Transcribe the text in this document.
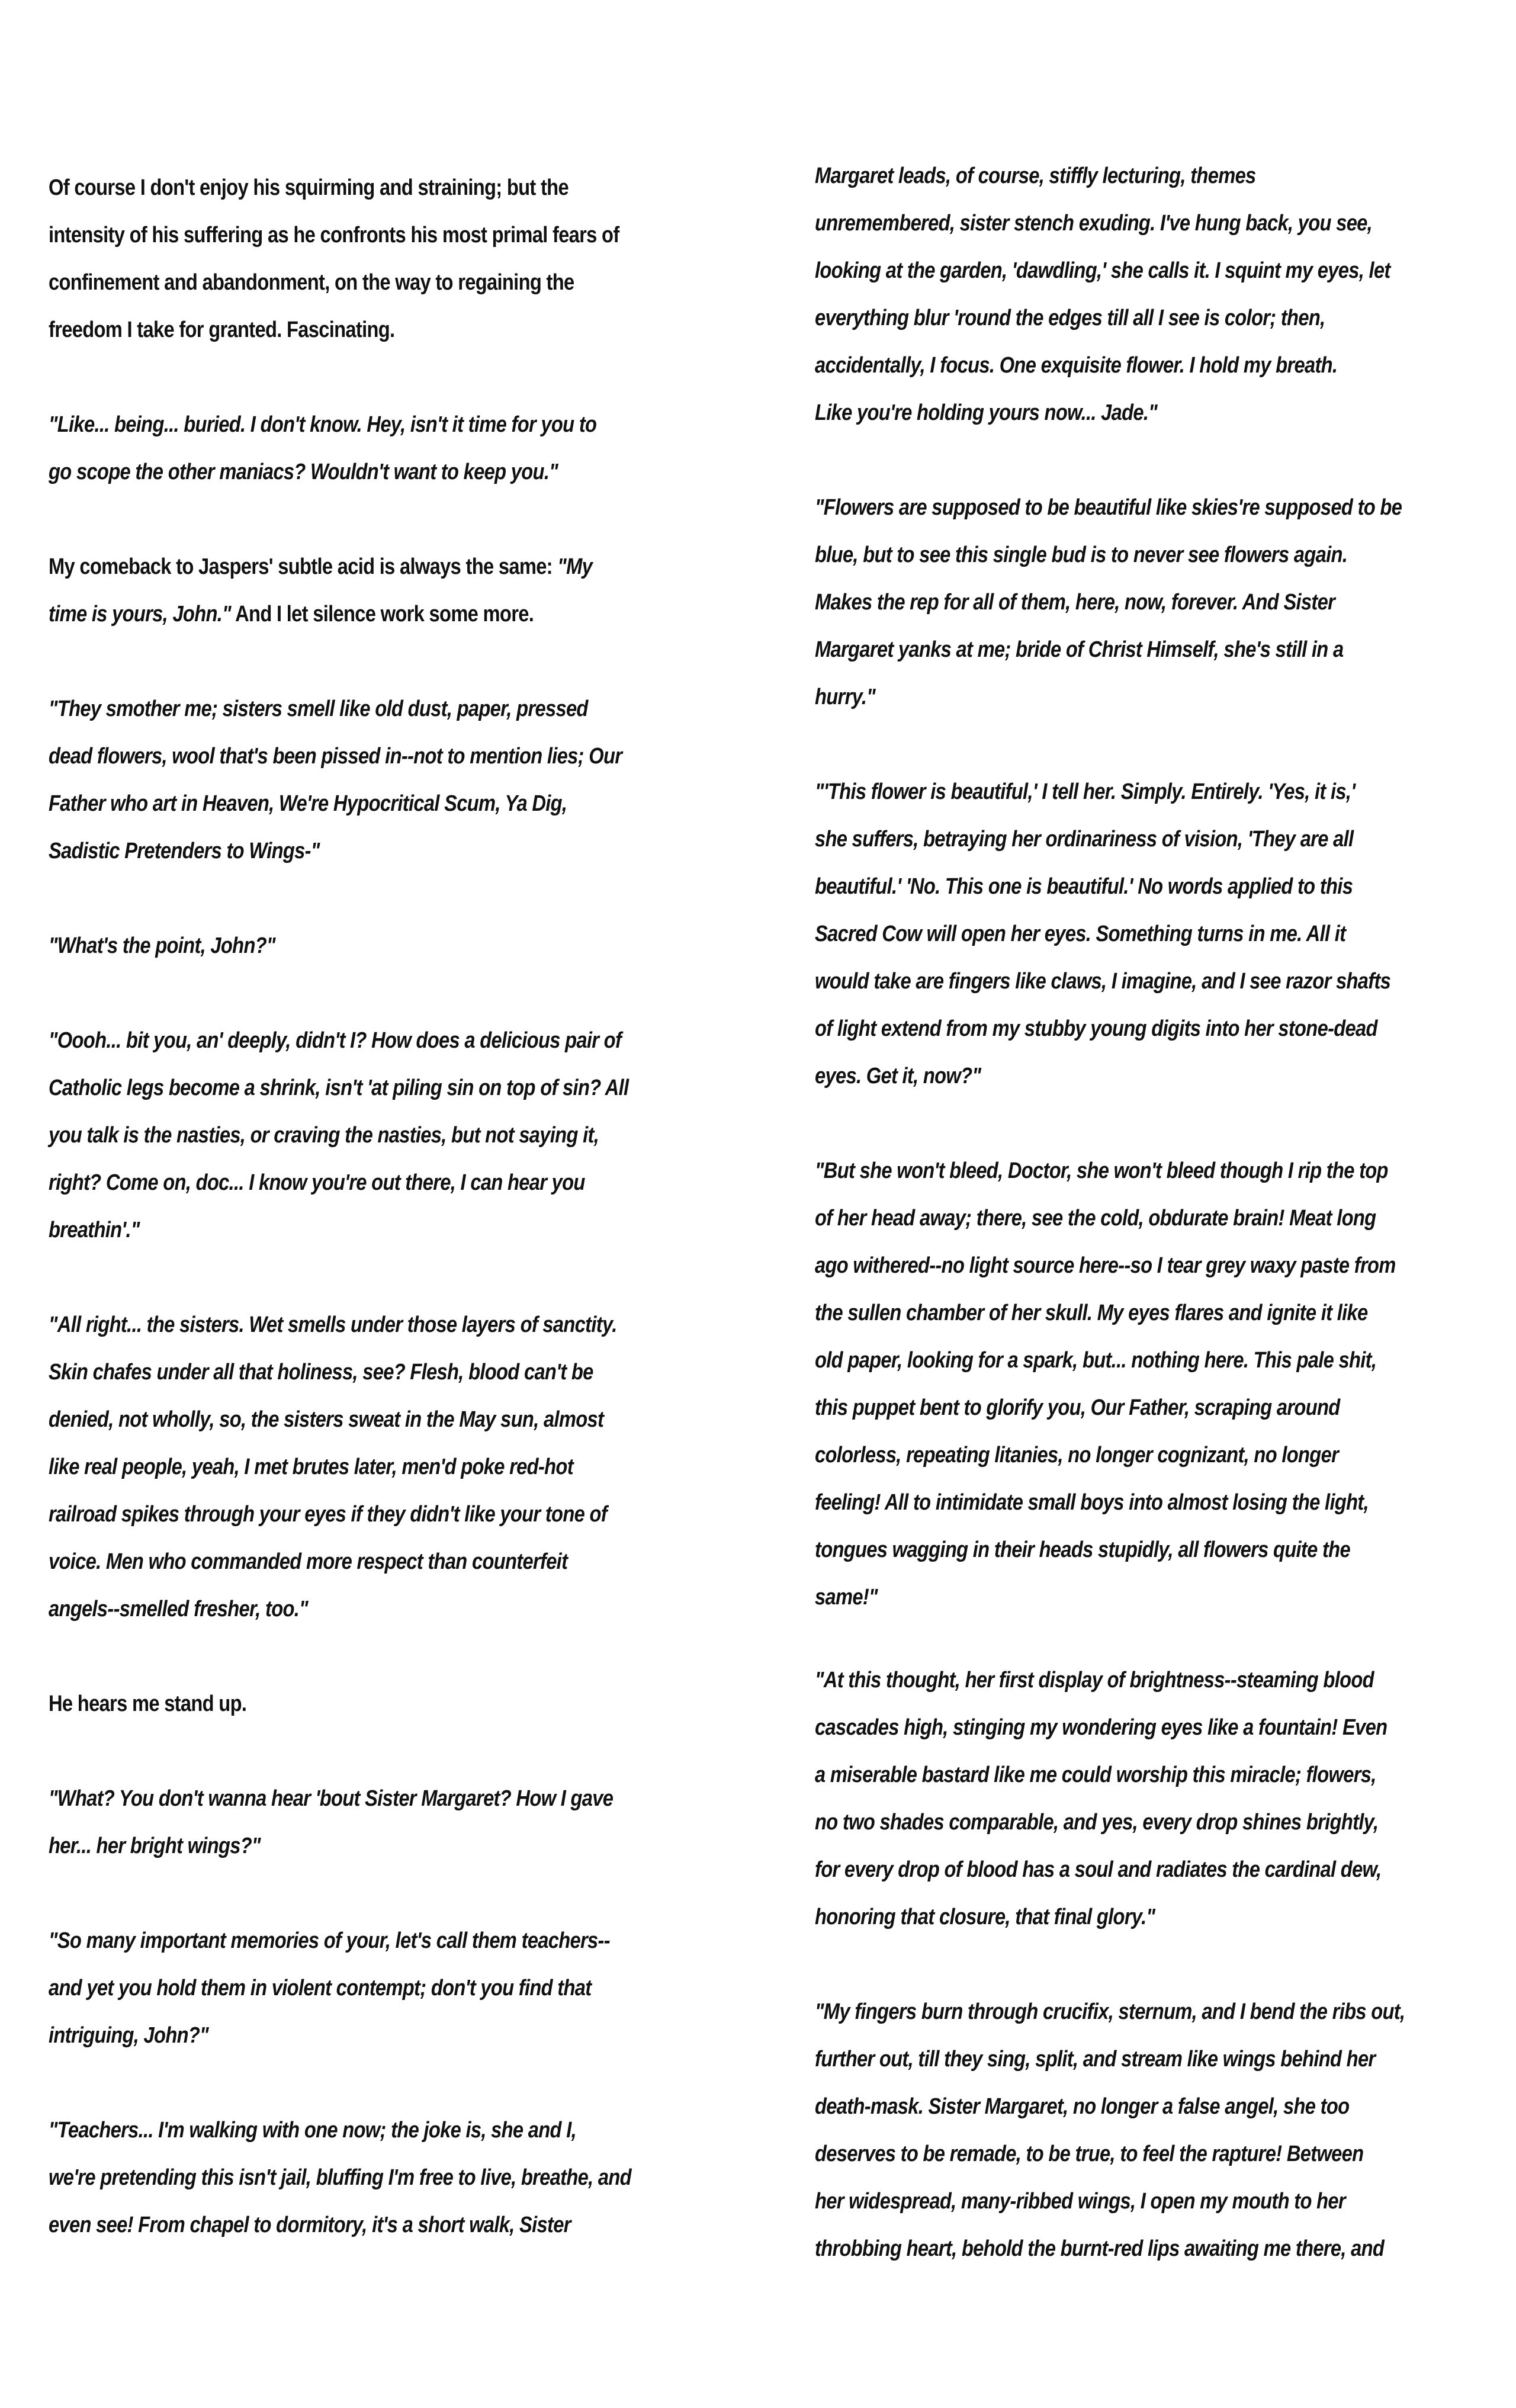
Of course I don't enjoy his squirming and straining; but the
intensity of his suffering as he confronts his most primal fears of
confinement and abandonment, on the way to regaining the
freedom I take for granted. Fascinating.

"Like... being... buried. I don't know. Hey, isn't it time for you to
go scope the other maniacs? Wouldn't want to keep you."

My comeback to Jaspers' subtle acid is always the same: "My
time is yours, John." And I let silence work some more.

"They smother me; sisters smell like old dust, paper, pressed
dead flowers, wool that's been pissed in--not to mention lies; Our
Father who art in Heaven, We're Hypocritical Scum, Ya Dig,
Sadistic Pretenders to Wings-"

"What's the point, John?"

"Oooh... bit you, an' deeply, didn't I? How does a delicious pair of
Catholic legs become a shrink, isn't 'at piling sin on top of sin? All
you talk is the nasties, or craving the nasties, but not saying it,
right? Come on, doc... I know you're out there, I can hear you
breathin'."

"All right... the sisters. Wet smells under those layers of sanctity.
Skin chafes under all that holiness, see? Flesh, blood can't be
denied, not wholly, so, the sisters sweat in the May sun, almost
like real people, yeah, I met brutes later, men'd poke red-hot
railroad spikes through your eyes if they didn't like your tone of
voice. Men who commanded more respect than counterfeit
angels--smelled fresher, too."

He hears me stand up.

"What? You don't wanna hear 'bout Sister Margaret? How I gave
her... her bright wings?"

"So many important memories of your, let's call them teachers--
and yet you hold them in violent contempt; don't you find that
intriguing, John?"

"Teachers... I'm walking with one now; the joke is, she and I,
we're pretending this isn't jail, bluffing I'm free to live, breathe, and
even see! From chapel to dormitory, it's a short walk, Sister

Margaret leads, of course, stiffly lecturing, themes
unremembered, sister stench exuding. I've hung back, you see,
looking at the garden, 'dawdling,' she calls it. I squint my eyes, let
everything blur 'round the edges till all I see is color; then,
accidentally, I focus. One exquisite flower. I hold my breath.
Like you're holding yours now... Jade."

"Flowers are supposed to be beautiful like skies're supposed to be
blue, but to see this single bud is to never see flowers again.
Makes the rep for all of them, here, now, forever. And Sister
Margaret yanks at me; bride of Christ Himself, she's still in a
hurry."

"'This flower is beautiful,' I tell her. Simply. Entirely. 'Yes, it is,'
she suffers, betraying her ordinariness of vision, 'They are all
beautiful.' 'No. This one is beautiful.' No words applied to this
Sacred Cow will open her eyes. Something turns in me. All it
would take are fingers like claws, I imagine, and I see razor shafts
of light extend from my stubby young digits into her stone-dead
eyes. Get it, now?"

"But she won't bleed, Doctor, she won't bleed though I rip the top
of her head away; there, see the cold, obdurate brain! Meat long
ago withered--no light source here--so I tear grey waxy paste from
the sullen chamber of her skull. My eyes flares and ignite it like
old paper, looking for a spark, but... nothing here. This pale shit,
this puppet bent to glorify you, Our Father, scraping around
colorless, repeating litanies, no longer cognizant, no longer
feeling! All to intimidate small boys into almost losing the light,
tongues wagging in their heads stupidly, all flowers quite the
same!"

"At this thought, her first display of brightness--steaming blood
cascades high, stinging my wondering eyes like a fountain! Even
a miserable bastard like me could worship this miracle; flowers,
no two shades comparable, and yes, every drop shines brightly,
for every drop of blood has a soul and radiates the cardinal dew,
honoring that closure, that final glory."

"My fingers burn through crucifix, sternum, and I bend the ribs out,
further out, till they sing, split, and stream like wings behind her
death-mask. Sister Margaret, no longer a false angel, she too
deserves to be remade, to be true, to feel the rapture! Between
her widespread, many-ribbed wings, I open my mouth to her
throbbing heart, behold the burnt-red lips awaiting me there, and
